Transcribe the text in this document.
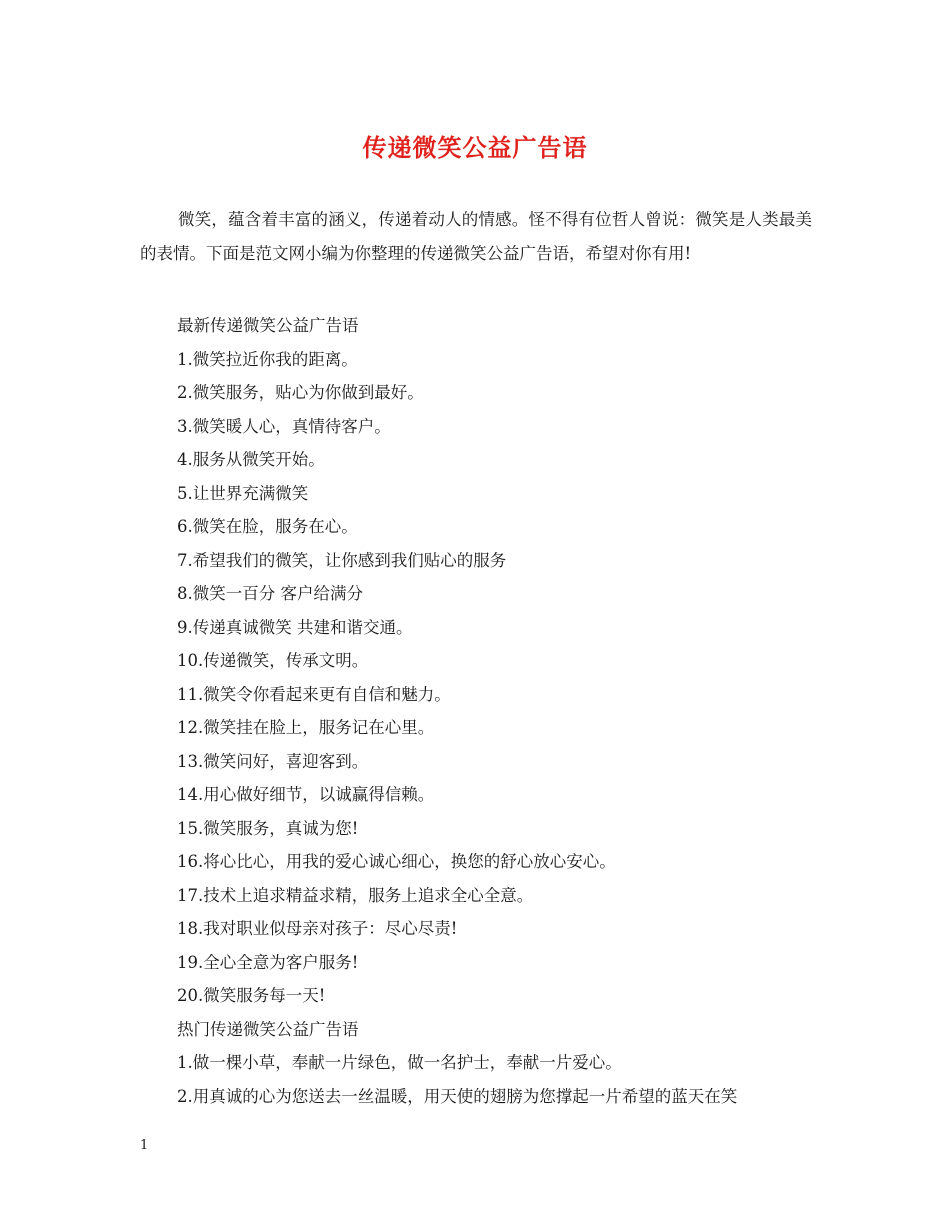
传递微笑公益广告语

微笑，蕴含着丰富的涵义，传递着动人的情感。怪不得有位哲人曾说：微笑是人类最美的表情。下面是范文网小编为你整理的传递微笑公益广告语，希望对你有用!

最新传递微笑公益广告语
1.微笑拉近你我的距离。
2.微笑服务，贴心为你做到最好。
3.微笑暖人心，真情待客户。
4.服务从微笑开始。
5.让世界充满微笑
6.微笑在脸，服务在心。
7.希望我们的微笑，让你感到我们贴心的服务
8.微笑一百分 客户给满分
9.传递真诚微笑 共建和谐交通。
10.传递微笑，传承文明。
11.微笑令你看起来更有自信和魅力。
12.微笑挂在脸上，服务记在心里。
13.微笑问好，喜迎客到。
14.用心做好细节，以诚赢得信赖。
15.微笑服务，真诚为您!
16.将心比心，用我的爱心诚心细心，换您的舒心放心安心。
17.技术上追求精益求精，服务上追求全心全意。
18.我对职业似母亲对孩子：尽心尽责!
19.全心全意为客户服务!
20.微笑服务每一天!
热门传递微笑公益广告语
1.做一棵小草，奉献一片绿色，做一名护士，奉献一片爱心。
2.用真诚的心为您送去一丝温暖，用天使的翅膀为您撑起一片希望的蓝天在笑
1
